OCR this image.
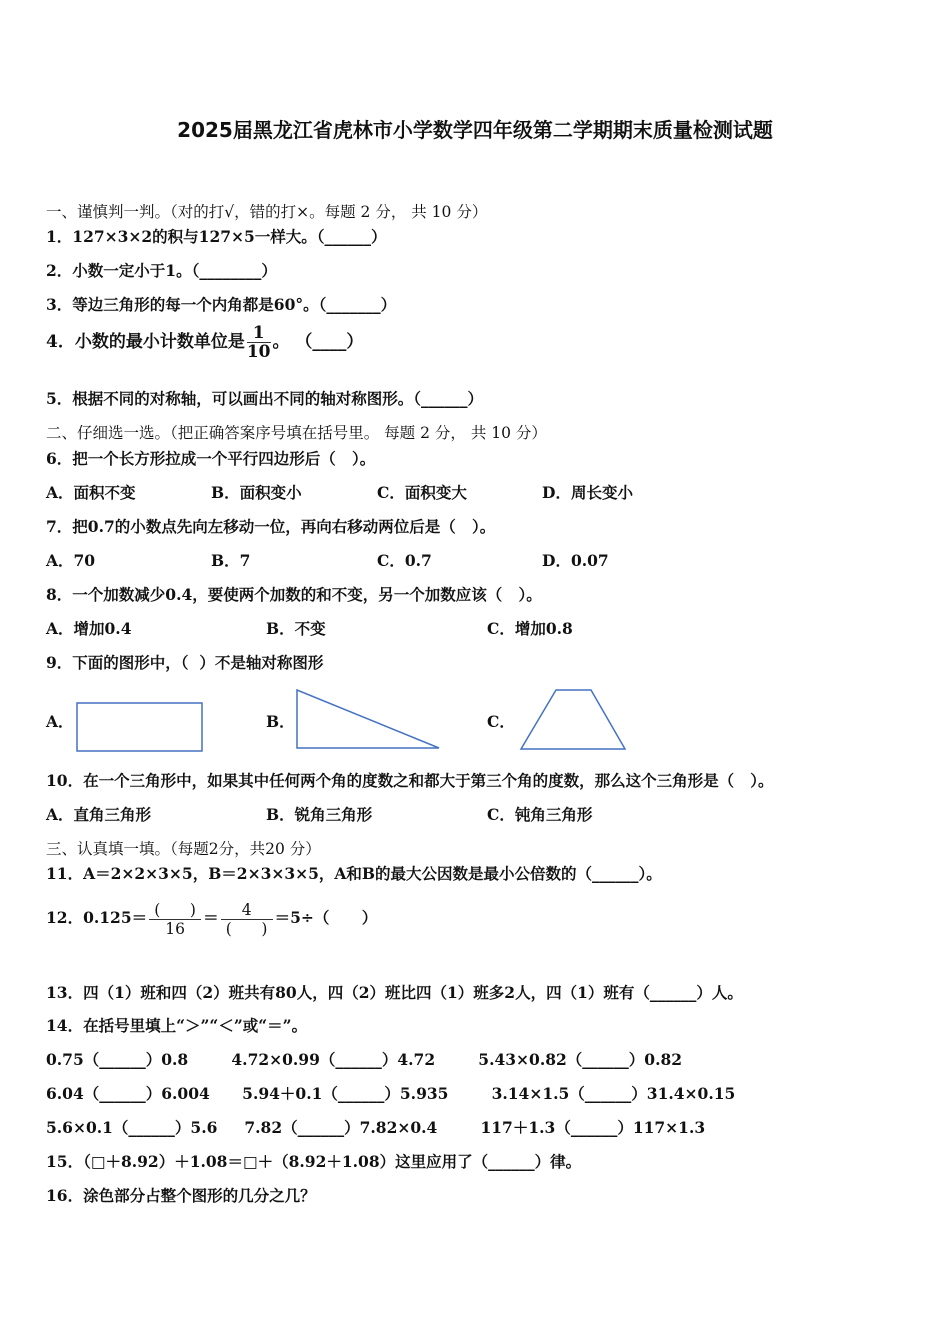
2025届黑龙江省虎林市小学数学四年级第二学期期末质量检测试题
一、谨慎判一判。（对的打√，错的打×。每题 2 分， 共 10 分）
1．127×3×2的积与127×5一样大。（______）
2．小数一定小于1。（________）
3．等边三角形的每一个内角都是60°。（_______）
4．小数的最小计数单位是 $\frac{1}{10}$ 。 （____）
5．根据不同的对称轴，可以画出不同的轴对称图形。（______）
二、仔细选一选。（把正确答案序号填在括号里。 每题 2 分， 共 10 分）
6．把一个长方形拉成一个平行四边形后（   ）。
A．面积不变	B．面积变小	C．面积变大	D．周长变小
7．把0.7的小数点先向左移动一位，再向右移动两位后是（   ）。
A．70	B．7	C．0.7	D．0.07
8．一个加数减少0.4，要使两个加数的和不变，另一个加数应该（   ）。
A．增加0.4	B．不变	C．增加0.8
9．下面的图形中，（  ）不是轴对称图形
A．	B．	C．
10．在一个三角形中，如果其中任何两个角的度数之和都大于第三个角的度数，那么这个三角形是（   ）。
A．直角三角形	B．锐角三角形	C．钝角三角形
三、认真填一填。（每题2分，共20 分）
11．A＝2×2×3×5，B＝2×3×3×5，A和B的最大公因数是最小公倍数的（______）。
12．$0.125= \frac{( )}{16} = \frac{4}{( )} =5\div$（      ）
13．四（1）班和四（2）班共有80人，四（2）班比四（1）班多2人，四（1）班有（______）人。
14．在括号里填上“＞”“＜”或“＝”。
0.75（______）0.8        4.72×0.99（______）4.72        5.43×0.82（______）0.82
6.04（______）6.004      5.94＋0.1（______）5.935        3.14×1.5（______）31.4×0.15
5.6×0.1（______）5.6     7.82（______）7.82×0.4        117＋1.3（______）117×1.3
15．（□＋8.92）＋1.08＝□＋（8.92＋1.08）这里应用了（______）律。
16．涂色部分占整个图形的几分之几？
